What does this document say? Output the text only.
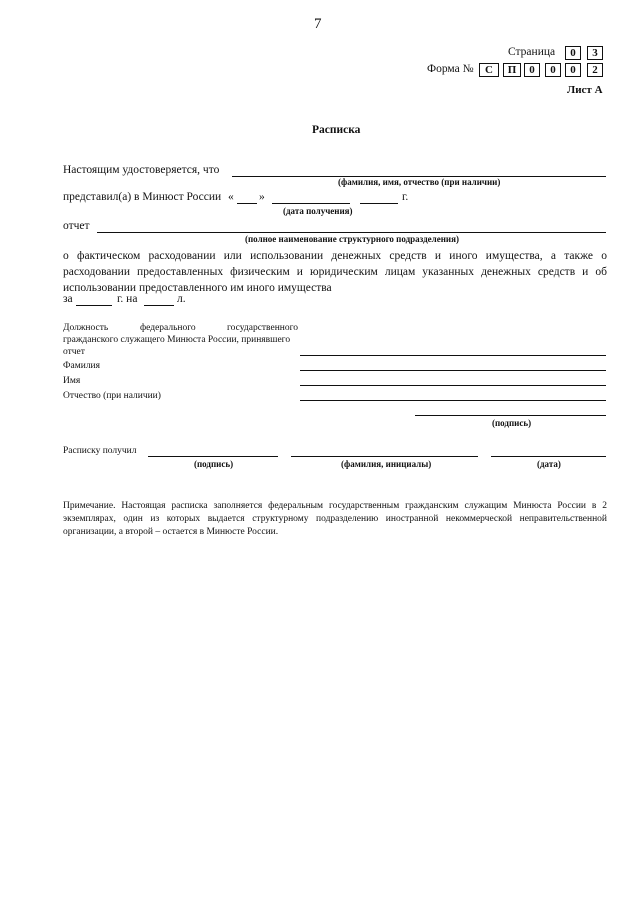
7
Страница	0	3
Форма №	С	П	0	0	0	2
Лист А
Расписка
Настоящим удостоверяется, что
(фамилия, имя, отчество (при наличии)
представил(а) в Минюст России « »	г.
(дата получения)
отчет
(полное наименование структурного подразделения)
о фактическом расходовании или использовании денежных средств и иного имущества, а также о
расходовании предоставленных физическим и юридическим лицам указанных денежных средств и об
использовании предоставленного им иного имущества
за	г. на	л.
Должность	федерального	государственного
гражданского служащего Минюста России, принявшего
отчет
Фамилия
Имя
Отчество (при наличии)
(подпись)
Расписку получил
(подпись)	(фамилия, инициалы)	(дата)
Примечание. Настоящая расписка заполняется федеральным государственным гражданским служащим Минюста России в 2
экземплярах, один из которых выдается структурному подразделению иностранной некоммерческой неправительственной
организации, а второй – остается в Минюсте России.
